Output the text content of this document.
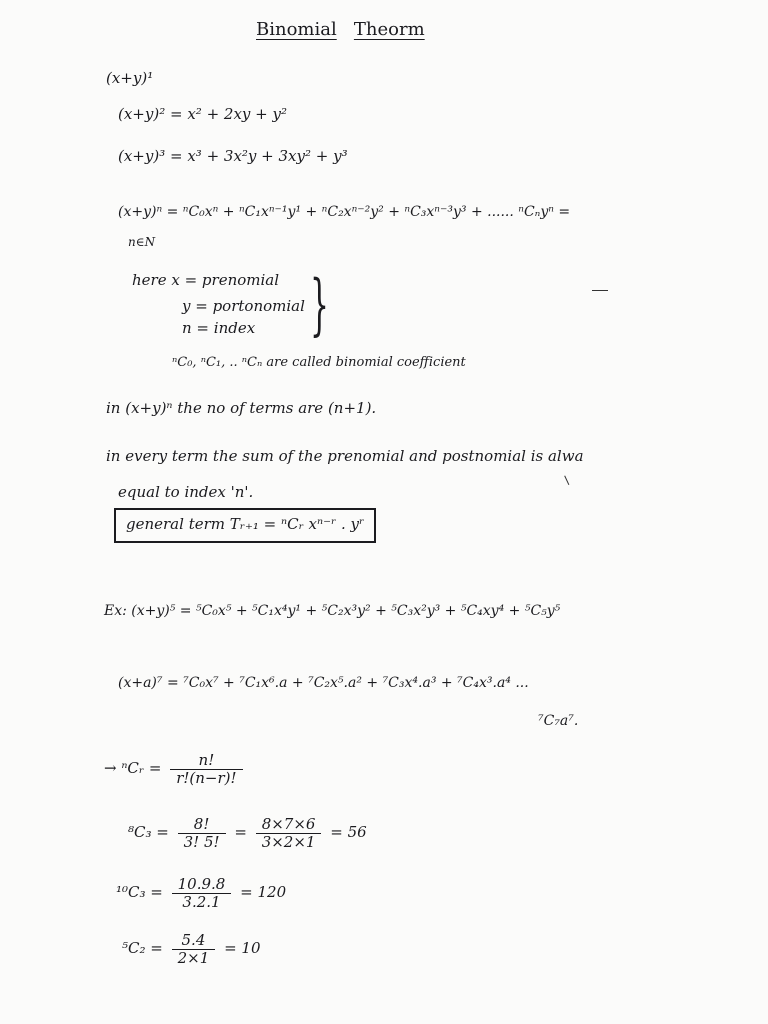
Binomial Theorm
(x+y)¹
(x+y)² = x² + 2xy + y²
(x+y)³ = x³ + 3x²y + 3xy² + y³
(x+y)ⁿ = ⁿC₀xⁿ + ⁿC₁xⁿ⁻¹y¹ + ⁿC₂xⁿ⁻²y² + ⁿC₃xⁿ⁻³y³ + ...... ⁿCₙyⁿ =
n∈N
here x = prenomial
y = portonomial
n = index }
ⁿC₀, ⁿC₁, .. ⁿCₙ are called binomial coefficient
in (x+y)ⁿ the no of terms are (n+1).
in every term the sum of the prenomial and postnomial is alwa
equal to index 'n'.
general term Tᵣ₊₁ = ⁿCᵣ xⁿ⁻ʳ . yʳ
Ex: (x+y)⁵ = ⁵C₀x⁵ + ⁵C₁x⁴y¹ + ⁵C₂x³y² + ⁵C₃x²y³ + ⁵C₄xy⁴ + ⁵C₅y⁵
(x+a)⁷ = ⁷C₀x⁷ + ⁷C₁x⁶.a + ⁷C₂x⁵.a² + ⁷C₃x⁴.a³ + ⁷C₄x³.a⁴ ...
⁷C₇a⁷.
→ ⁿCᵣ = $\frac{n!}{r!(n-r)!}$
$^8C_3 = \frac{8!}{3! 5!} = \frac{8\times 7\times 6}{3\times 2\times 1} = 56$
$^{10}C_3 = \frac{10.9.8}{3.2.1} = 120$
$^5C_2 = \frac{5.4}{2\times 1} = 10$
